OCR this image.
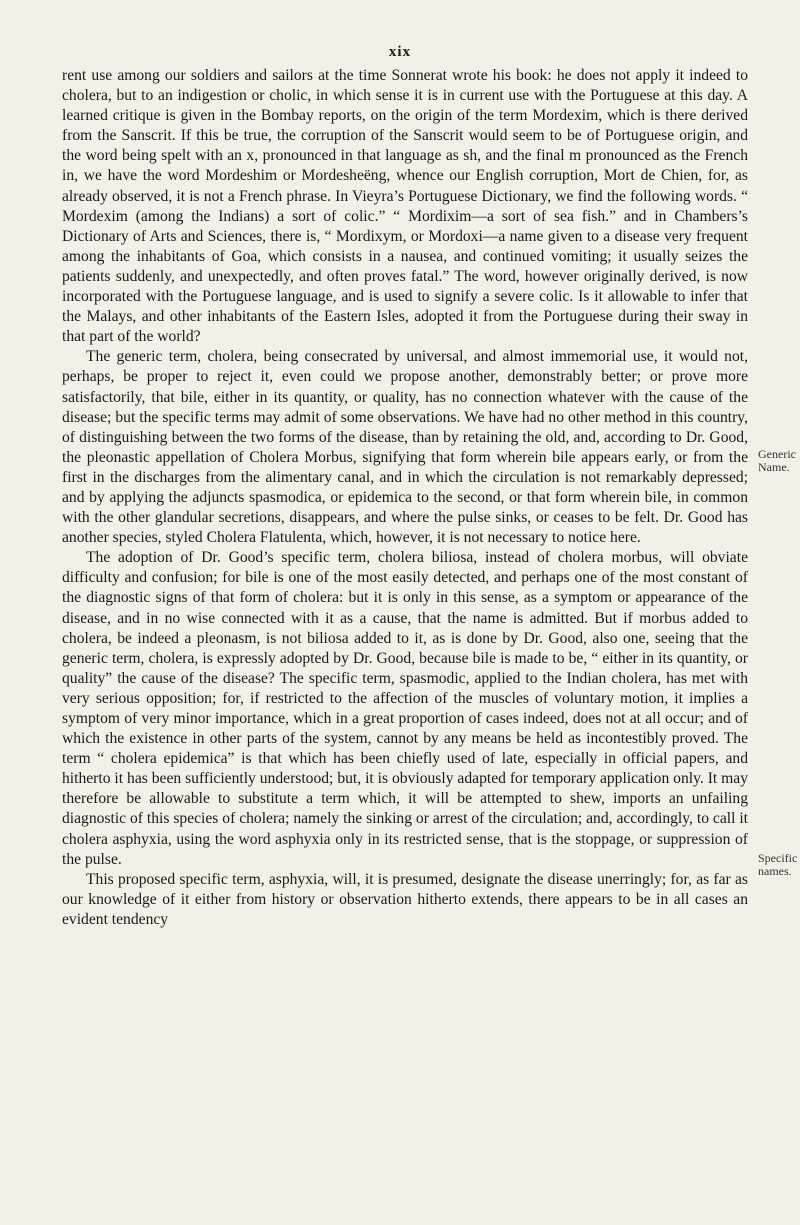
xix

rent use among our soldiers and sailors at the time Sonnerat wrote his book: he does not apply it indeed to cholera, but to an indigestion or cholic, in which sense it is in current use with the Portuguese at this day. A learned critique is given in the Bombay reports, on the origin of the term Mordexim, which is there derived from the Sanscrit. If this be true, the corruption of the Sanscrit would seem to be of Portuguese origin, and the word being spelt with an x, pronounced in that language as sh, and the final m pronounced as the French in, we have the word Mordeshim or Mordesheëng, whence our English corruption, Mort de Chien, for, as already observed, it is not a French phrase. In Vieyra’s Portuguese Dictionary, we find the following words. “ Mordexim (among the Indians) a sort of colic.” “ Mordixim—a sort of sea fish.” and in Chambers’s Dictionary of Arts and Sciences, there is, “ Mordixym, or Mordoxi—a name given to a disease very frequent among the inhabitants of Goa, which consists in a nausea, and continued vomiting; it usually seizes the patients suddenly, and unexpectedly, and often proves fatal.” The word, however originally derived, is now incorporated with the Portuguese language, and is used to signify a severe colic. Is it allowable to infer that the Malays, and other inhabitants of the Eastern Isles, adopted it from the Portuguese during their sway in that part of the world?

The generic term, cholera, being consecrated by universal, and almost immemorial use, it would not, perhaps, be proper to reject it, even could we propose another, demonstrably better; or prove more satisfactorily, that bile, either in its quantity, or quality, has no connection whatever with the cause of the disease; but the specific terms may admit of some observations. We have had no other method in this country, of distinguishing between the two forms of the disease, than by retaining the old, and, according to Dr. Good, the pleonastic appellation of Cholera Morbus, signifying that form wherein bile appears early, or from the first in the discharges from the alimentary canal, and in which the circulation is not remarkably depressed; and by applying the adjuncts spasmodica, or epidemica to the second, or that form wherein bile, in common with the other glandular secretions, disappears, and where the pulse sinks, or ceases to be felt. Dr. Good has another species, styled Cholera Flatulenta, which, however, it is not necessary to notice here.

The adoption of Dr. Good’s specific term, cholera biliosa, instead of cholera morbus, will obviate difficulty and confusion; for bile is one of the most easily detected, and perhaps one of the most constant of the diagnostic signs of that form of cholera: but it is only in this sense, as a symptom or appearance of the disease, and in no wise connected with it as a cause, that the name is admitted. But if morbus added to cholera, be indeed a pleonasm, is not biliosa added to it, as is done by Dr. Good, also one, seeing that the generic term, cholera, is expressly adopted by Dr. Good, because bile is made to be, “ either in its quantity, or quality” the cause of the disease? The specific term, spasmodic, applied to the Indian cholera, has met with very serious opposition; for, if restricted to the affection of the muscles of voluntary motion, it implies a symptom of very minor importance, which in a great proportion of cases indeed, does not at all occur; and of which the existence in other parts of the system, cannot by any means be held as incontestibly proved. The term “ cholera epidemica” is that which has been chiefly used of late, especially in official papers, and hitherto it has been sufficiently understood; but, it is obviously adapted for temporary application only. It may therefore be allowable to substitute a term which, it will be attempted to shew, imports an unfailing diagnostic of this species of cholera; namely the sinking or arrest of the circulation; and, accordingly, to call it cholera asphyxia, using the word asphyxia only in its restricted sense, that is the stoppage, or suppression of the pulse.

This proposed specific term, asphyxia, will, it is presumed, designate the disease unerringly; for, as far as our knowledge of it either from history or observation hitherto extends, there appears to be in all cases an evident tendency

Generic
Name.
Specific
names.
